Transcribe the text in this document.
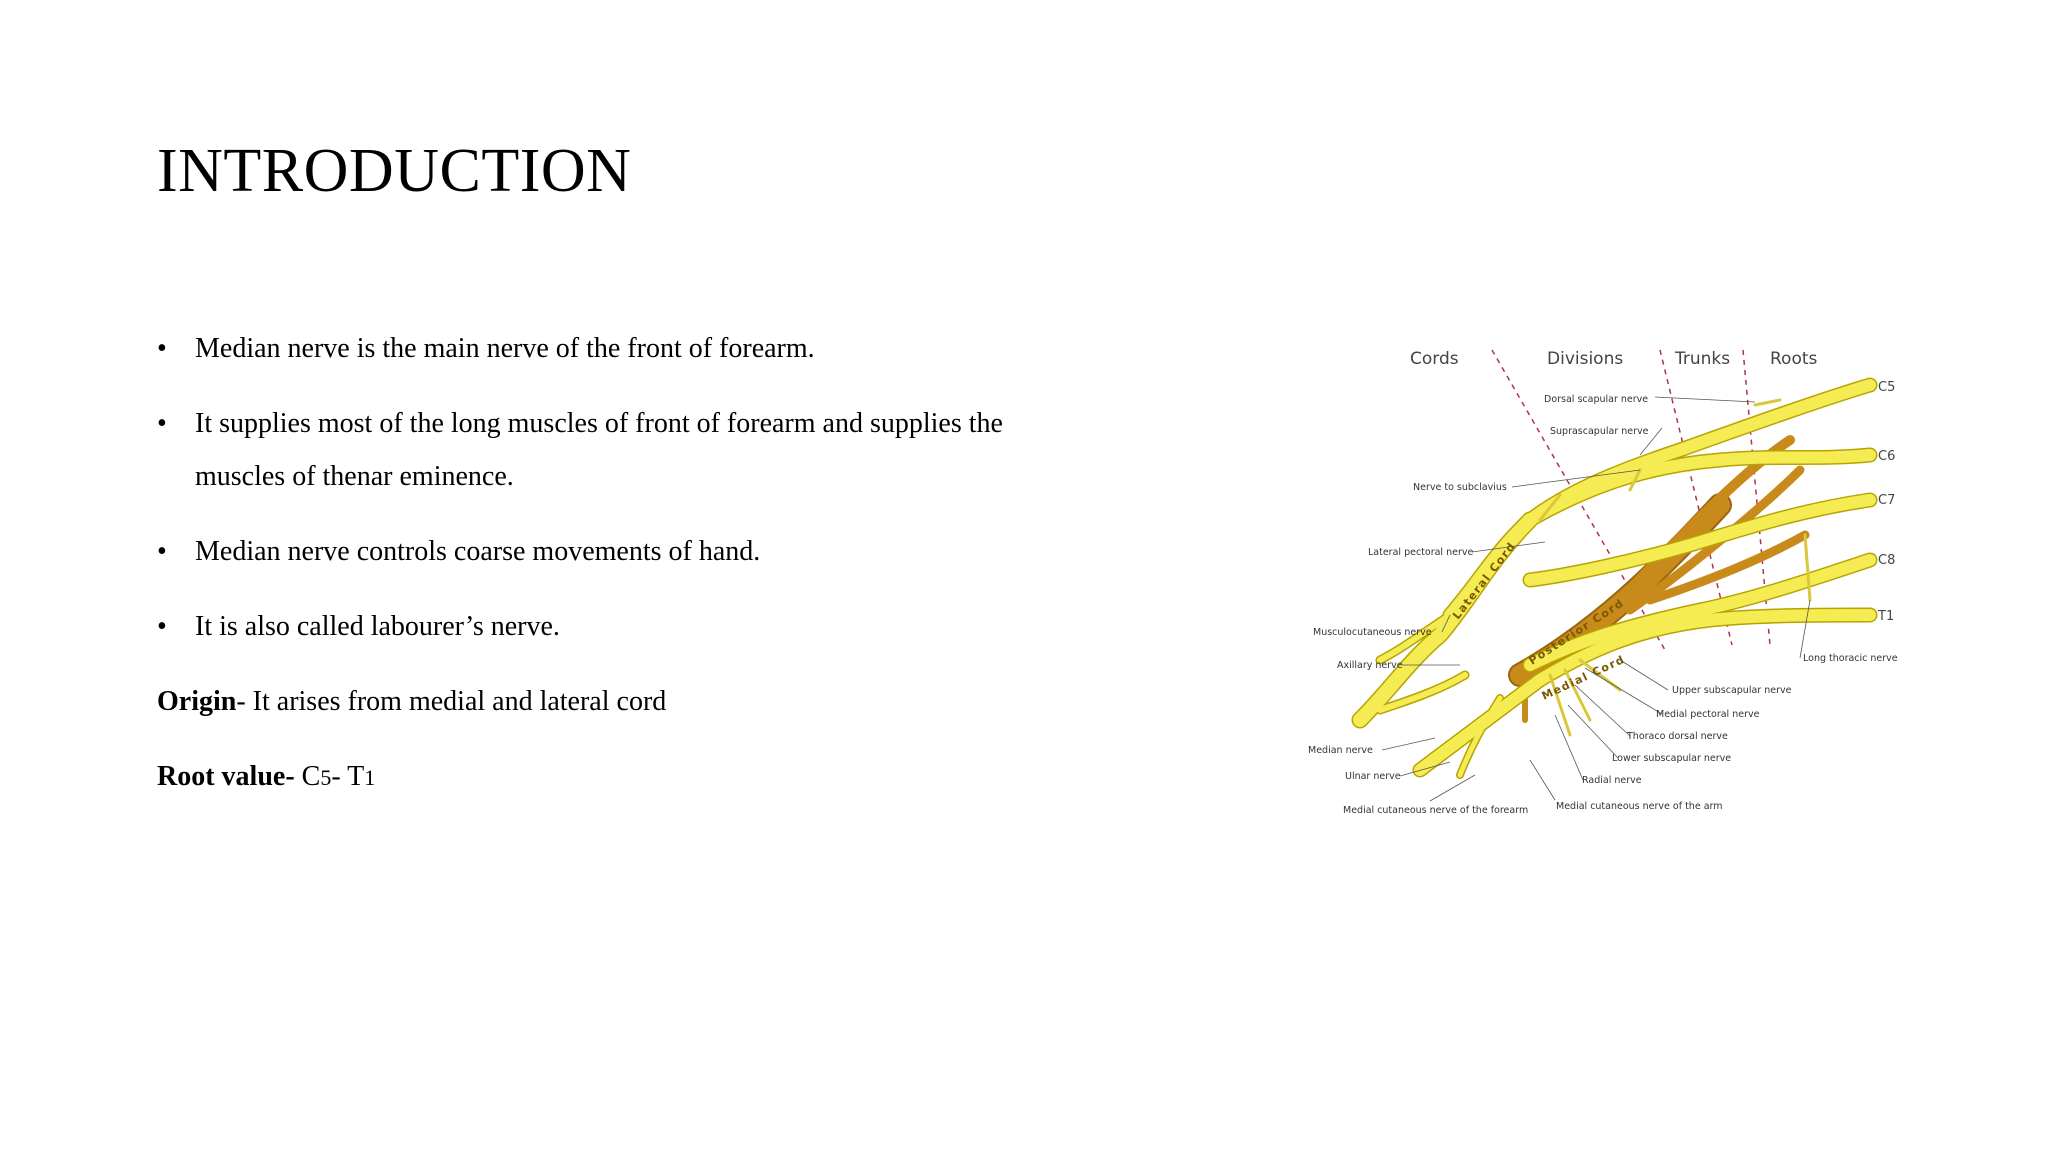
INTRODUCTION
•	Median nerve is the main nerve of the front of forearm.
•	It supplies most of the long muscles of front of forearm and supplies the
muscles of thenar eminence.
•	Median nerve controls coarse movements of hand.
•	It is also called labourer’s nerve.
Origin- It arises from medial and lateral cord
Root value- C5- T1
Cords	Divisions	Trunks Roots
Lateral Cord
Posterior Cord
Medial Cord
C5
C6
C7
C8
T1
Dorsal scapular nerve
Suprascapular nerve
Nerve to subclavius
Lateral pectoral nerve
Musculocutaneous nerve
Axillary nerve
Median nerve
Ulnar nerve
Medial cutaneous nerve of the forearm
Long thoracic nerve
Upper subscapular nerve
Medial pectoral nerve
Thoraco dorsal nerve
Lower subscapular nerve
Radial nerve
Medial cutaneous nerve of the arm
